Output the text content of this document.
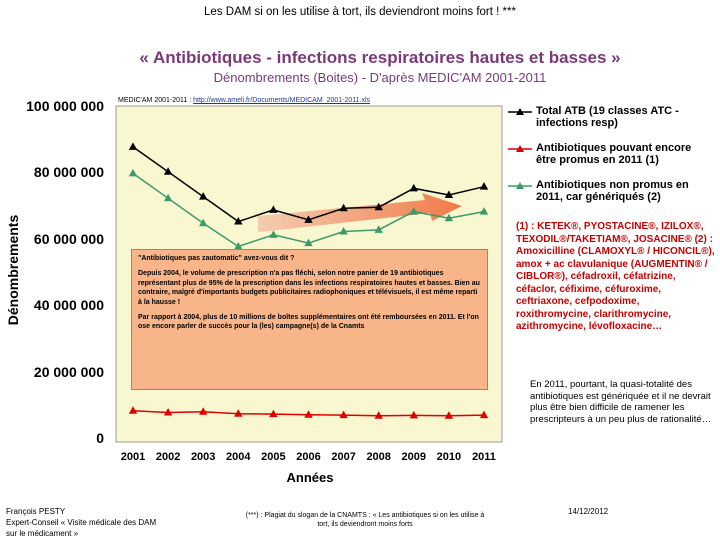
Les DAM si on les utilise à tort, ils deviendront moins fort ! ***
« Antibiotiques - infections respiratoires hautes et basses »
Dénombrements (Boites) - D'après MEDIC'AM 2001-2011
Dénombrements
0
20 000 000
40 000 000
60 000 000
80 000 000
100 000 000
2001 2002 2003 2004 2005 2006 2007 2008 2009 2010 2011
Années
MEDIC'AM 2001-2011 : http://www.ameli.fr/Documents/MEDICAM_2001-2011.xls
"Antibiotiques pas zautomatic" avez-vous dit ?

Depuis 2004, le volume de prescription n'a pas fléchi, selon notre panier de 19 antibiotiques représentant plus de 95% de la prescription dans les infections respiratoires hautes et basses. Bien au contraire, malgré d'importants budgets publicitaires radiophoniques et télévisuels, il est même reparti à la hausse !

Par rapport à 2004, plus de 10 millions de boîtes supplémentaires ont été remboursées en 2011. Et l'on ose encore parler de succès pour la (les) campagne(s) de la Cnamts

Total ATB (19 classes ATC - infections resp)
Antibiotiques pouvant encore être promus en 2011 (1)
Antibiotiques non promus en 2011, car génériqués (2)
(1) : KETEK®, PYOSTACINE®, IZILOX®, TEXODIL®/TAKETIAM®, JOSACINE® (2) : Amoxicilline (CLAMOXYL® / HICONCIL®), amox + ac clavulanique (AUGMENTIN® / CIBLOR®), céfadroxil, céfatrizine, céfaclor, céfixime, céfuroxime, ceftriaxone, cefpodoxime, roxithromycine, clarithromycine, azithromycine, lévofloxacine…
En 2011, pourtant, la quasi-totalité des antibiotiques est génériquée et il ne devrait plus être bien difficile de ramener les prescripteurs à un peu plus de rationalité…
François PESTY
Expert-Conseil « Visite médicale des DAM sur le médicament »
(***) : Plagiat du slogan de la CNAMTS : « Les antibiotiques si on les utilise à tort, ils deviendront moins forts
14/12/2012
